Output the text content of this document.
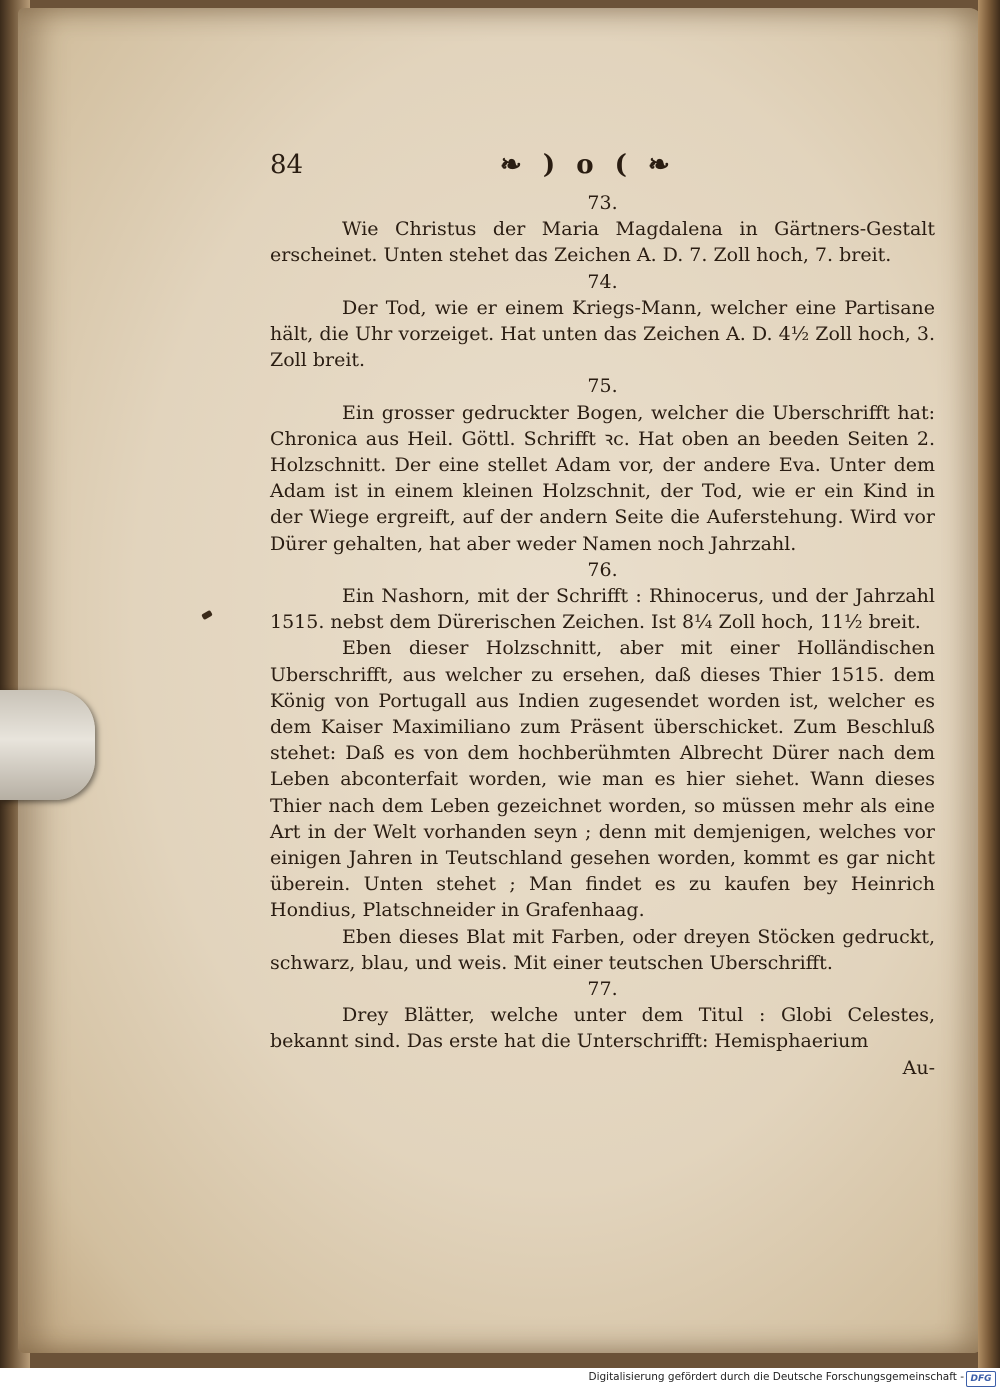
84	❧ ) o ( ❧

73.

Wie Christus der Maria Magdalena in Gärtners-Gestalt erscheinet. Unten stehet das Zeichen A. D. 7. Zoll hoch, 7. breit.

74.

Der Tod, wie er einem Kriegs-Mann, welcher eine Partisane hält, die Uhr vorzeiget. Hat unten das Zeichen A. D. 4½ Zoll hoch, 3. Zoll breit.

75.

Ein grosser gedruckter Bogen, welcher die Uberschrifft hat: Chronica aus Heil. Göttl. Schrifft ꝛc. Hat oben an beeden Seiten 2. Holzschnitt. Der eine stellet Adam vor, der andere Eva. Unter dem Adam ist in einem kleinen Holzschnit, der Tod, wie er ein Kind in der Wiege ergreift, auf der andern Seite die Auferstehung. Wird vor Dürer gehalten, hat aber weder Namen noch Jahrzahl.

76.

Ein Nashorn, mit der Schrifft : Rhinocerus, und der Jahrzahl 1515. nebst dem Dürerischen Zeichen. Ist 8¼ Zoll hoch, 11½ breit.

Eben dieser Holzschnitt, aber mit einer Holländischen Uberschrifft, aus welcher zu ersehen, daß dieses Thier 1515. dem König von Portugall aus Indien zugesendet worden ist, welcher es dem Kaiser Maximiliano zum Präsent überschicket. Zum Beschluß stehet: Daß es von dem hochberühmten Albrecht Dürer nach dem Leben abconterfait worden, wie man es hier siehet. Wann dieses Thier nach dem Leben gezeichnet worden, so müssen mehr als eine Art in der Welt vorhanden seyn ; denn mit demjenigen, welches vor einigen Jahren in Teutschland gesehen worden, kommt es gar nicht überein. Unten stehet ; Man findet es zu kaufen bey Heinrich Hondius, Platschneider in Grafenhaag.

Eben dieses Blat mit Farben, oder dreyen Stöcken gedruckt, schwarz, blau, und weis. Mit einer teutschen Uberschrifft.

77.

Drey Blätter, welche unter dem Titul : Globi Celestes, bekannt sind. Das erste hat die Unterschrifft: Hemisphaerium

Au-

Digitalisierung gefördert durch die Deutsche Forschungsgemeinschaft - DFG
